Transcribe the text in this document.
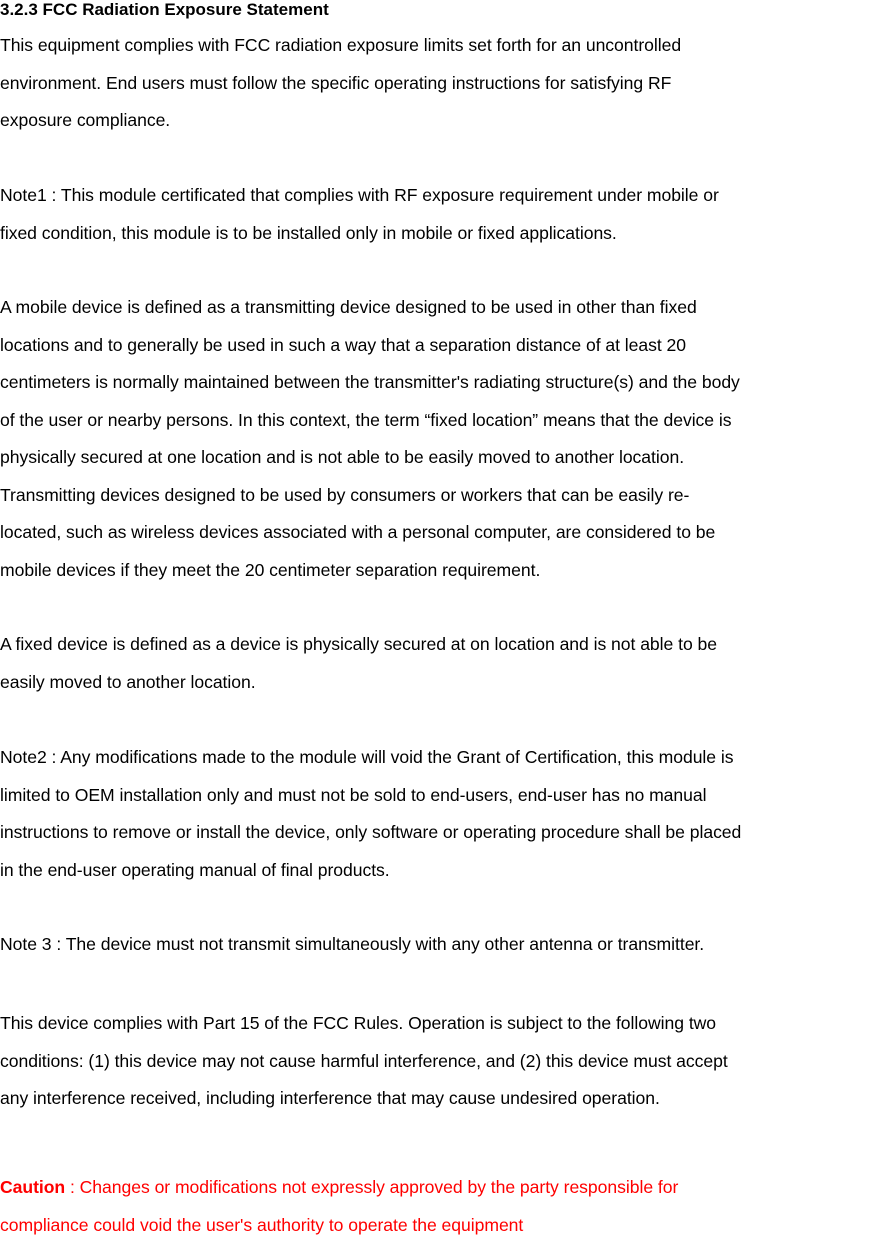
3.2.3 FCC Radiation Exposure Statement
This equipment complies with FCC radiation exposure limits set forth for an uncontrolled
environment. End users must follow the specific operating instructions for satisfying RF
exposure compliance.
Note1 : This module certificated that complies with RF exposure requirement under mobile or
fixed condition, this module is to be installed only in mobile or fixed applications.
A mobile device is defined as a transmitting device designed to be used in other than fixed
locations and to generally be used in such a way that a separation distance of at least 20
centimeters is normally maintained between the transmitter's radiating structure(s) and the body
of the user or nearby persons. In this context, the term “fixed location” means that the device is
physically secured at one location and is not able to be easily moved to another location.
Transmitting devices designed to be used by consumers or workers that can be easily re-
located, such as wireless devices associated with a personal computer, are considered to be
mobile devices if they meet the 20 centimeter separation requirement.
A fixed device is defined as a device is physically secured at on location and is not able to be
easily moved to another location.
Note2 : Any modifications made to the module will void the Grant of Certification, this module is
limited to OEM installation only and must not be sold to end-users, end-user has no manual
instructions to remove or install the device, only software or operating procedure shall be placed
in the end-user operating manual of final products.
Note 3 : The device must not transmit simultaneously with any other antenna or transmitter.
This device complies with Part 15 of the FCC Rules. Operation is subject to the following two
conditions: (1) this device may not cause harmful interference, and (2) this device must accept
any interference received, including interference that may cause undesired operation.
Caution : Changes or modifications not expressly approved by the party responsible for
compliance could void the user's authority to operate the equipment
